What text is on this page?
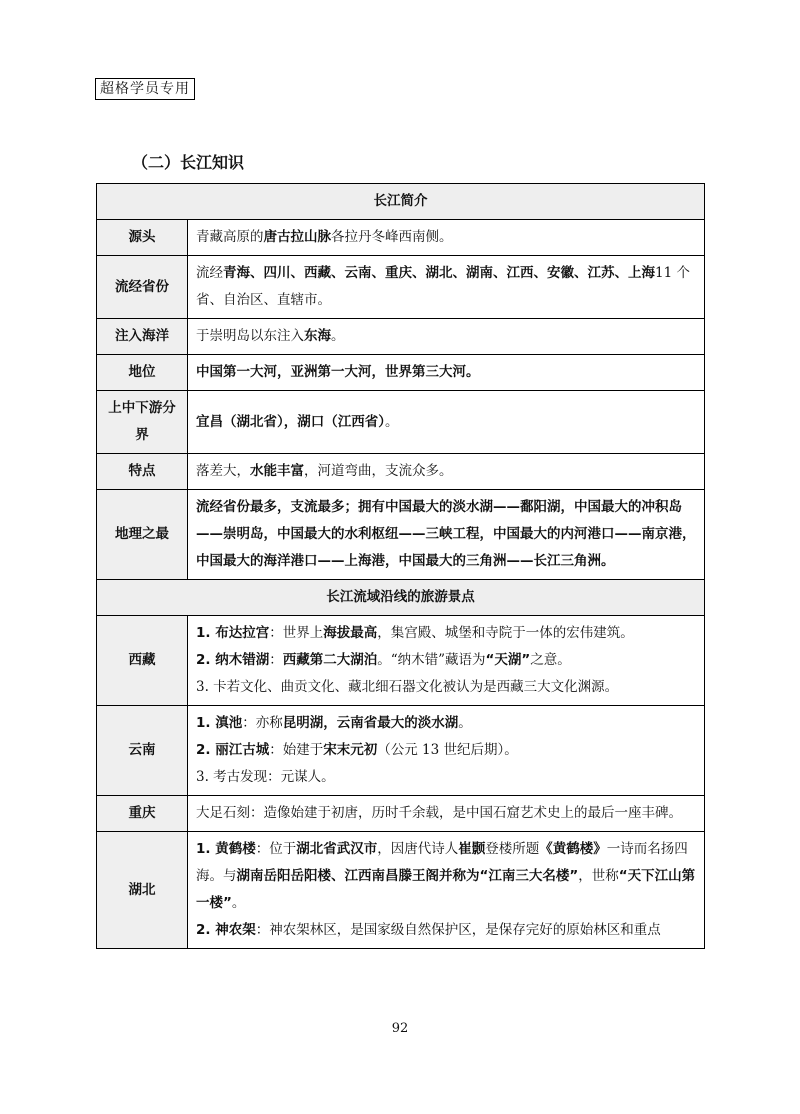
超格学员专用
（二）长江知识
长江简介	
源头	青藏高原的唐古拉山脉各拉丹冬峰西南侧。
流经省份	流经青海、四川、西藏、云南、重庆、湖北、湖南、江西、安徽、江苏、上海11 个省、自治区、直辖市。
注入海洋	于崇明岛以东注入东海。
地位	中国第一大河，亚洲第一大河，世界第三大河。
上中下游分界	宜昌（湖北省），湖口（江西省）。
特点	落差大，水能丰富，河道弯曲，支流众多。
地理之最	流经省份最多，支流最多；拥有中国最大的淡水湖——鄱阳湖，中国最大的冲积岛——崇明岛，中国最大的水利枢纽——三峡工程，中国最大的内河港口——南京港，中国最大的海洋港口——上海港，中国最大的三角洲——长江三角洲。
长江流域沿线的旅游景点	
西藏	1. 布达拉宫：世界上海拔最高，集宫殿、城堡和寺院于一体的宏伟建筑。
2. 纳木错湖：西藏第二大湖泊。“纳木错”藏语为“天湖”之意。
3. 卡若文化、曲贡文化、藏北细石器文化被认为是西藏三大文化渊源。

云南	1. 滇池：亦称昆明湖，云南省最大的淡水湖。
2. 丽江古城：始建于宋末元初（公元 13 世纪后期）。
3. 考古发现：元谋人。

重庆	大足石刻：造像始建于初唐，历时千余载，是中国石窟艺术史上的最后一座丰碑。
湖北	1. 黄鹤楼：位于湖北省武汉市，因唐代诗人崔颢登楼所题《黄鹤楼》一诗而名扬四海。与湖南岳阳岳阳楼、江西南昌滕王阁并称为“江南三大名楼”，世称“天下江山第一楼”。
2. 神农架：神农架林区，是国家级自然保护区，是保存完好的原始林区和重点
92
